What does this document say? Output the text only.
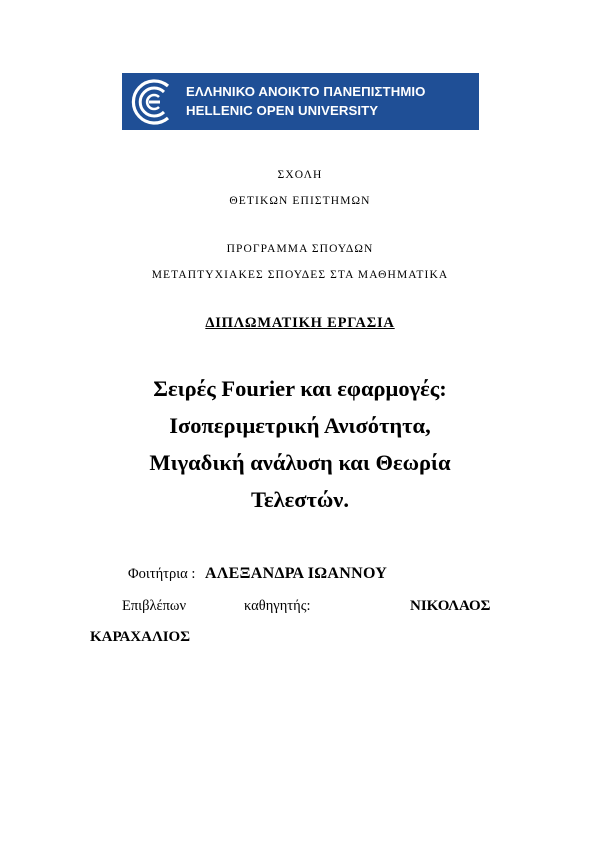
ΕΛΛΗΝΙΚΟ ΑΝΟΙΚΤΟ ΠΑΝΕΠΙΣΤΗΜΙΟ
HELLENIC OPEN UNIVERSITY
ΣΧΟΛΗ
ΘΕΤΙΚΩΝ ΕΠΙΣΤΗΜΩΝ
ΠΡΟΓΡΑΜΜΑ ΣΠΟΥΔΩΝ
ΜΕΤΑΠΤΥΧΙΑΚΕΣ ΣΠΟΥΔΕΣ ΣΤΑ ΜΑΘΗΜΑΤΙΚΑ
ΔΙΠΛΩΜΑΤΙΚΗ ΕΡΓΑΣΙΑ
Σειρές Fourier και εφαρμογές:
Ισοπεριμετρική Ανισότητα,
Μιγαδική ανάλυση και Θεωρία
Τελεστών.
Φοιτήτρια : ΑΛΕΞΑΝΔΡΑ ΙΩΑΝΝΟΥ
Επιβλέπων	καθηγητής:	ΝΙΚΟΛΑΟΣ
ΚΑΡΑΧΑΛΙΟΣ
